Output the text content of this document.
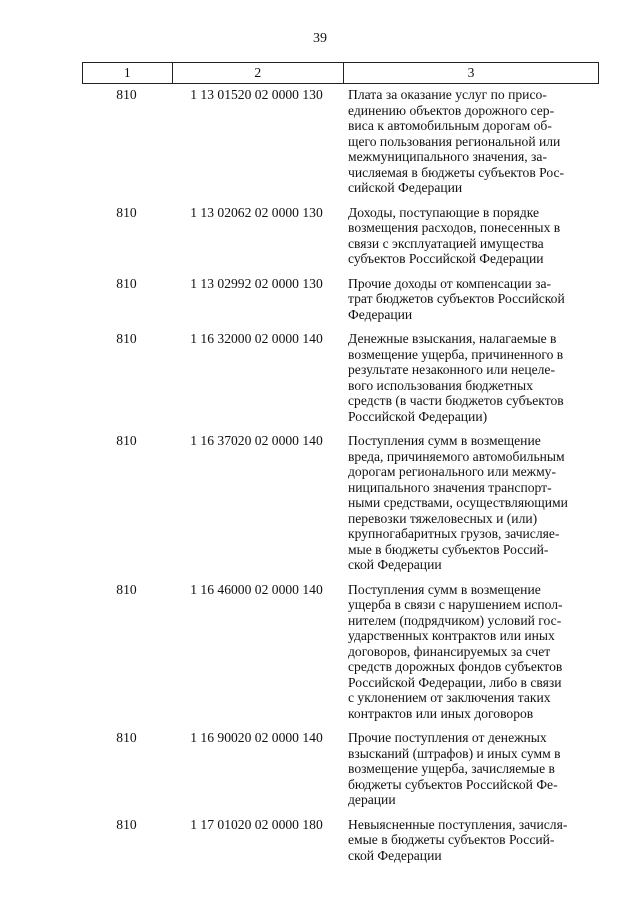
39
1	2	3
810	1 13 01520 02 0000 130	Плата за оказание услуг по присо-
единению объектов дорожного сер-
виса к автомобильным дорогам об-
щего пользования региональной или
межмуниципального значения, за-
числяемая в бюджеты субъектов Рос-
сийской Федерации
810	1 13 02062 02 0000 130	Доходы, поступающие в порядке
возмещения расходов, понесенных в
связи с эксплуатацией имущества
субъектов Российской Федерации
810	1 13 02992 02 0000 130	Прочие доходы от компенсации за-
трат бюджетов субъектов Российской
Федерации
810	1 16 32000 02 0000 140	Денежные взыскания, налагаемые в
возмещение ущерба, причиненного в
результате незаконного или нецеле-
вого использования бюджетных
средств (в части бюджетов субъектов
Российской Федерации)
810	1 16 37020 02 0000 140	Поступления сумм в возмещение
вреда, причиняемого автомобильным
дорогам регионального или межму-
ниципального значения транспорт-
ными средствами, осуществляющими
перевозки тяжеловесных и (или)
крупногабаритных грузов, зачисляе-
мые в бюджеты субъектов Россий-
ской Федерации
810	1 16 46000 02 0000 140	Поступления сумм в возмещение
ущерба в связи с нарушением испол-
нителем (подрядчиком) условий гос-
ударственных контрактов или иных
договоров, финансируемых за счет
средств дорожных фондов субъектов
Российской Федерации, либо в связи
с уклонением от заключения таких
контрактов или иных договоров
810	1 16 90020 02 0000 140	Прочие поступления от денежных
взысканий (штрафов) и иных сумм в
возмещение ущерба, зачисляемые в
бюджеты субъектов Российской Фе-
дерации
810	1 17 01020 02 0000 180	Невыясненные поступления, зачисля-
емые в бюджеты субъектов Россий-
ской Федерации
